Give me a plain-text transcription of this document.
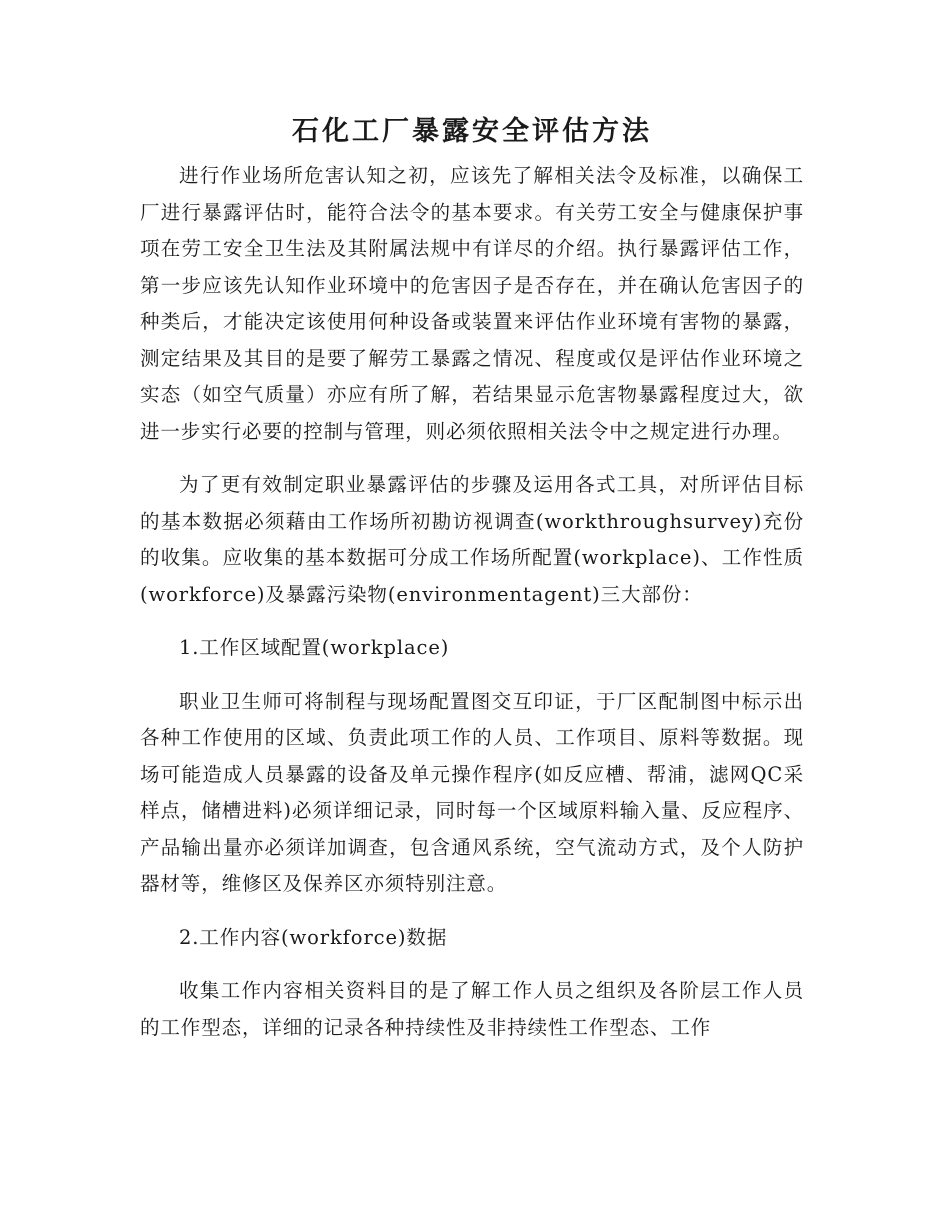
石化工厂暴露安全评估方法

进行作业场所危害认知之初，应该先了解相关法令及标准，以确保工厂进行暴露评估时，能符合法令的基本要求。有关劳工安全与健康保护事项在劳工安全卫生法及其附属法规中有详尽的介绍。执行暴露评估工作，第一步应该先认知作业环境中的危害因子是否存在，并在确认危害因子的种类后，才能决定该使用何种设备或装置来评估作业环境有害物的暴露，测定结果及其目的是要了解劳工暴露之情况、程度或仅是评估作业环境之实态（如空气质量）亦应有所了解，若结果显示危害物暴露程度过大，欲进一步实行必要的控制与管理，则必须依照相关法令中之规定进行办理。

为了更有效制定职业暴露评估的步骤及运用各式工具，对所评估目标的基本数据必须藉由工作场所初勘访视调查(workthroughsurvey)充份的收集。应收集的基本数据可分成工作场所配置(workplace)、工作性质(workforce)及暴露污染物(environmentagent)三大部份：

1.工作区域配置(workplace)

职业卫生师可将制程与现场配置图交互印证，于厂区配制图中标示出各种工作使用的区域、负责此项工作的人员、工作项目、原料等数据。现场可能造成人员暴露的设备及单元操作程序(如反应槽、帮浦，滤网QC采样点，储槽进料)必须详细记录，同时每一个区域原料输入量、反应程序、产品输出量亦必须详加调查，包含通风系统，空气流动方式，及个人防护器材等，维修区及保养区亦须特别注意。

2.工作内容(workforce)数据

收集工作内容相关资料目的是了解工作人员之组织及各阶层工作人员的工作型态，详细的记录各种持续性及非持续性工作型态、工作
